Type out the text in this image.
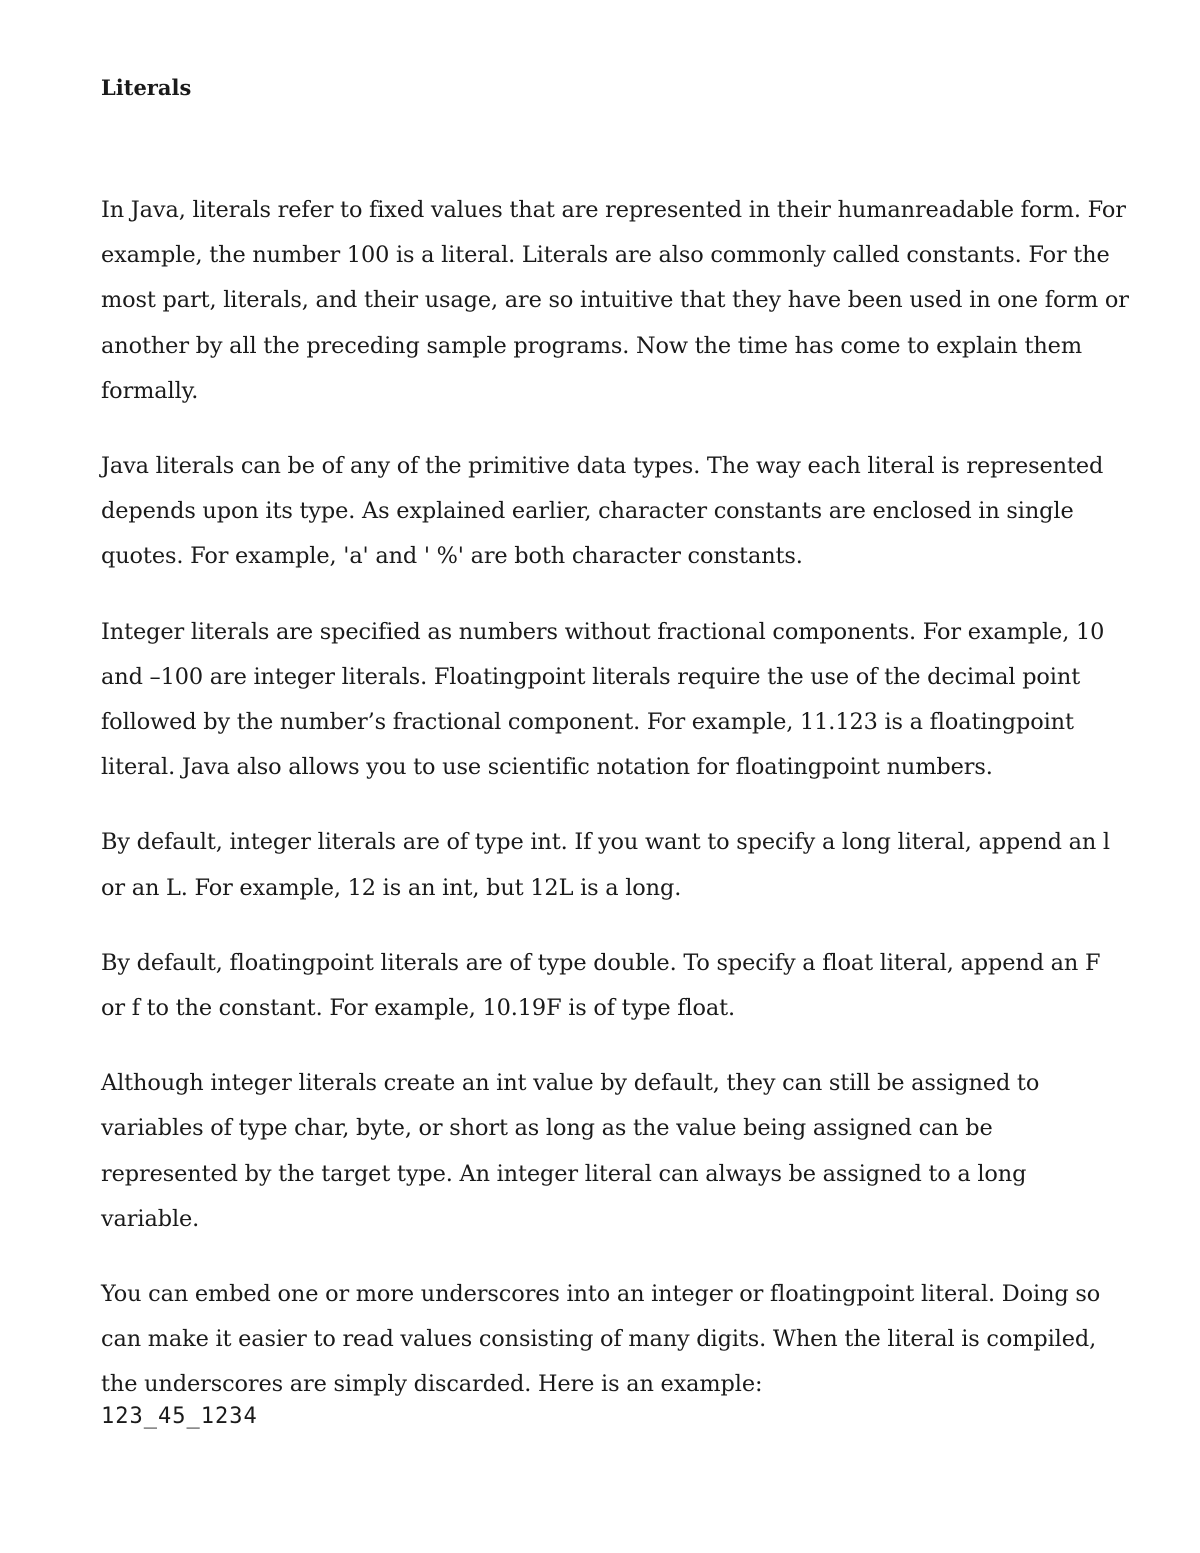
Literals

In Java, literals refer to fixed values that are represented in their humanreadable form. For example, the number 100 is a literal. Literals are also commonly called constants. For the most part, literals, and their usage, are so intuitive that they have been used in one form or another by all the preceding sample programs. Now the time has come to explain them formally.

Java literals can be of any of the primitive data types. The way each literal is represented depends upon its type. As explained earlier, character constants are enclosed in single quotes. For example, 'a' and ' %' are both character constants.

Integer literals are specified as numbers without fractional components. For example, 10 and –100 are integer literals. Floatingpoint literals require the use of the decimal point followed by the number’s fractional component. For example, 11.123 is a floatingpoint literal. Java also allows you to use scientific notation for floatingpoint numbers.

By default, integer literals are of type int. If you want to specify a long literal, append an l or an L. For example, 12 is an int, but 12L is a long.

By default, floatingpoint literals are of type double. To specify a float literal, append an F or f to the constant. For example, 10.19F is of type float.

Although integer literals create an int value by default, they can still be assigned to variables of type char, byte, or short as long as the value being assigned can be represented by the target type. An integer literal can always be assigned to a long variable.

You can embed one or more underscores into an integer or floatingpoint literal. Doing so can make it easier to read values consisting of many digits. When the literal is compiled, the underscores are simply discarded. Here is an example:

123_45_1234
